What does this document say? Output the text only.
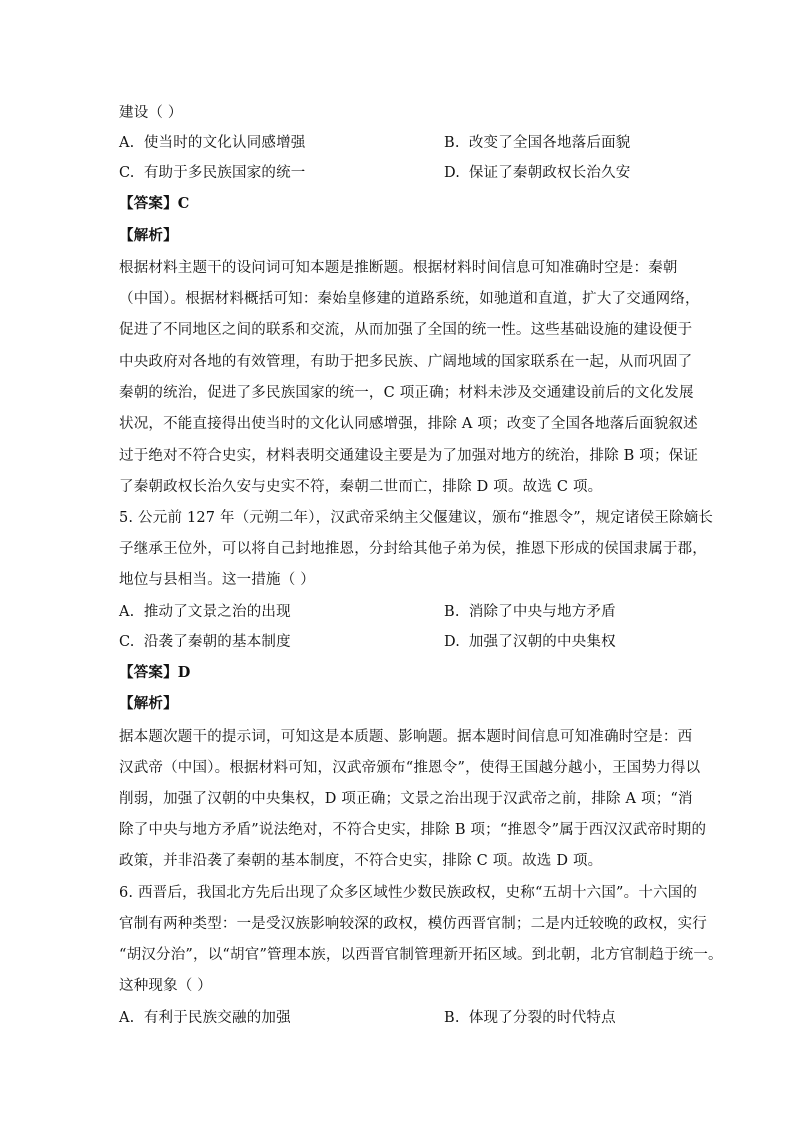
建设（ ）
A. 使当时的文化认同感增强	B. 改变了全国各地落后面貌
C. 有助于多民族国家的统一	D. 保证了秦朝政权长治久安
【答案】C
【解析】
根据材料主题干的设问词可知本题是推断题。根据材料时间信息可知准确时空是：秦朝
（中国）。根据材料概括可知：秦始皇修建的道路系统，如驰道和直道，扩大了交通网络，
促进了不同地区之间的联系和交流，从而加强了全国的统一性。这些基础设施的建设便于
中央政府对各地的有效管理，有助于把多民族、广阔地域的国家联系在一起，从而巩固了
秦朝的统治，促进了多民族国家的统一，C 项正确；材料未涉及交通建设前后的文化发展
状况，不能直接得出使当时的文化认同感增强，排除 A 项；改变了全国各地落后面貌叙述
过于绝对不符合史实，材料表明交通建设主要是为了加强对地方的统治，排除 B 项；保证
了秦朝政权长治久安与史实不符，秦朝二世而亡，排除 D 项。故选 C 项。
5. 公元前 127 年（元朔二年），汉武帝采纳主父偃建议，颁布“推恩令”，规定诸侯王除嫡长
子继承王位外，可以将自己封地推恩，分封给其他子弟为侯，推恩下形成的侯国隶属于郡，
地位与县相当。这一措施（ ）
A. 推动了文景之治的出现	B. 消除了中央与地方矛盾
C. 沿袭了秦朝的基本制度	D. 加强了汉朝的中央集权
【答案】D
【解析】
据本题次题干的提示词，可知这是本质题、影响题。据本题时间信息可知准确时空是：西
汉武帝（中国）。根据材料可知，汉武帝颁布“推恩令”，使得王国越分越小，王国势力得以
削弱，加强了汉朝的中央集权，D 项正确；文景之治出现于汉武帝之前，排除 A 项；“消
除了中央与地方矛盾”说法绝对，不符合史实，排除 B 项；“推恩令”属于西汉汉武帝时期的
政策，并非沿袭了秦朝的基本制度，不符合史实，排除 C 项。故选 D 项。
6. 西晋后，我国北方先后出现了众多区域性少数民族政权，史称“五胡十六国”。十六国的
官制有两种类型：一是受汉族影响较深的政权，模仿西晋官制；二是内迁较晚的政权，实行
“胡汉分治”，以“胡官”管理本族，以西晋官制管理新开拓区域。到北朝，北方官制趋于统一。
这种现象（ ）
A. 有利于民族交融的加强	B. 体现了分裂的时代特点
